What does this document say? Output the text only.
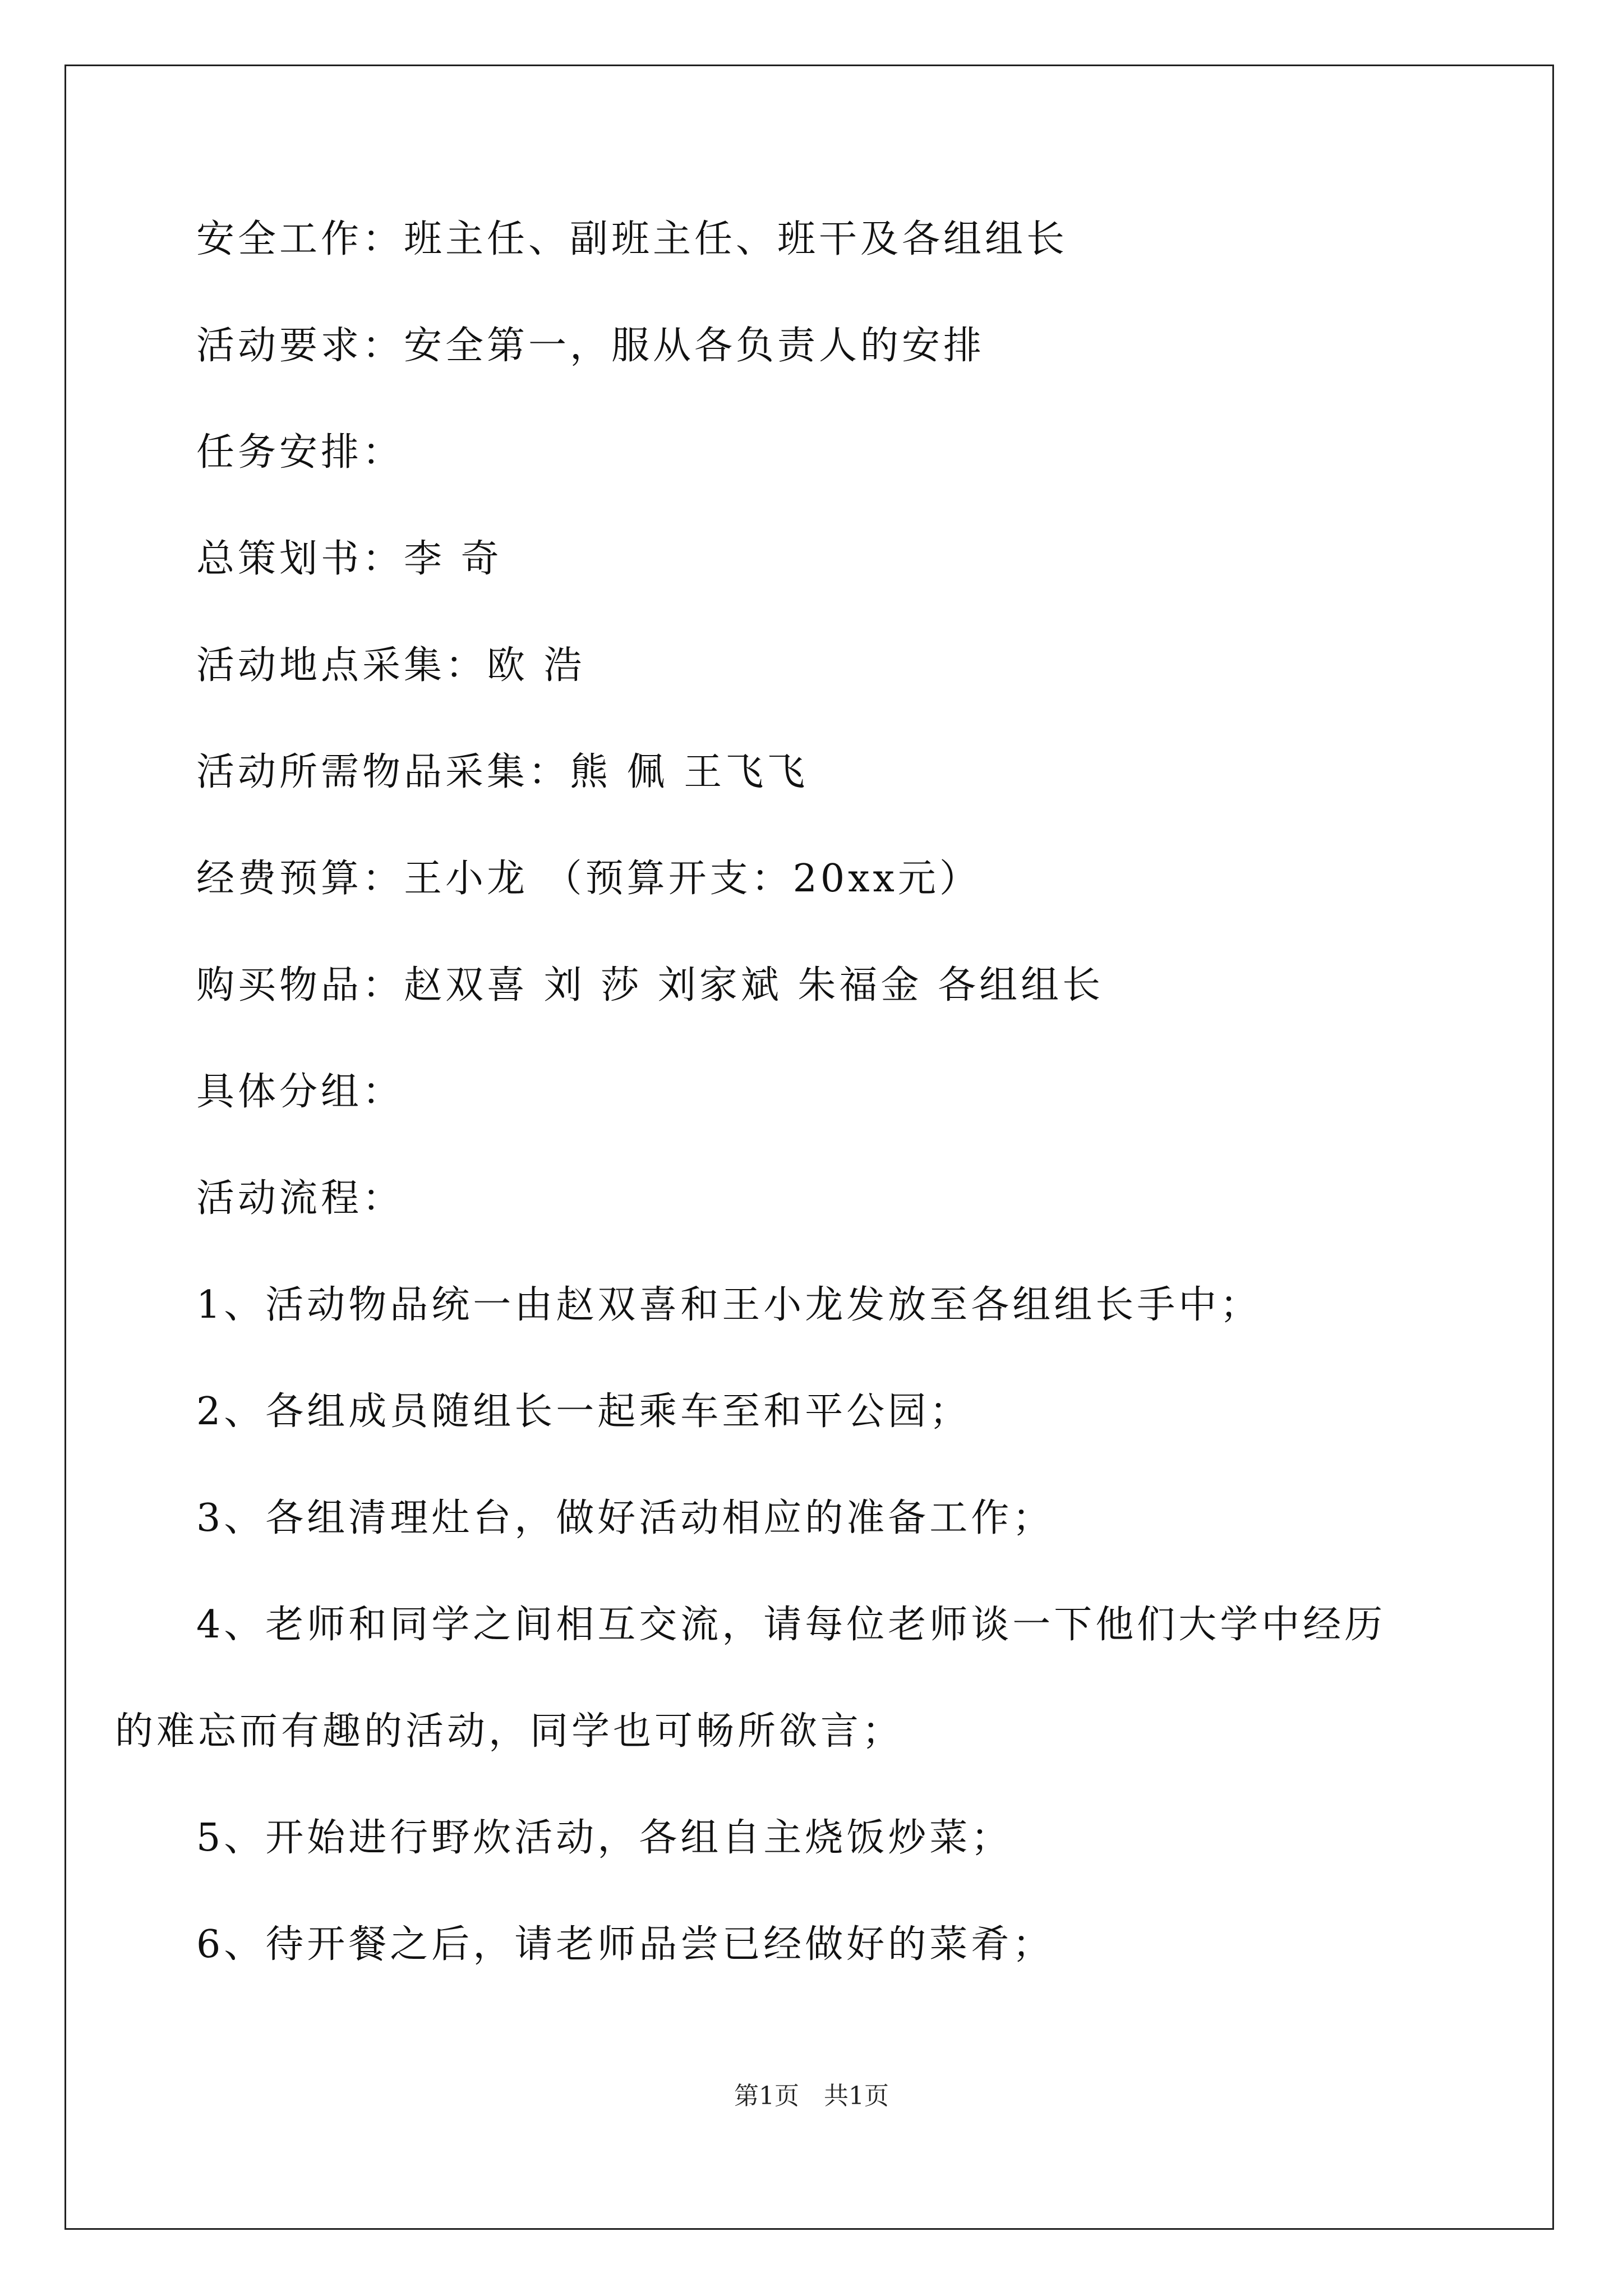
安全工作：班主任、副班主任、班干及各组组长

活动要求：安全第一，服从各负责人的安排

任务安排：

总策划书：李 奇

活动地点采集：欧 浩

活动所需物品采集：熊 佩 王飞飞

经费预算：王小龙 （预算开支：20xx元）

购买物品：赵双喜 刘 莎 刘家斌 朱福金 各组组长

具体分组：

活动流程：

1、活动物品统一由赵双喜和王小龙发放至各组组长手中；

2、各组成员随组长一起乘车至和平公园；

3、各组清理灶台，做好活动相应的准备工作；

4、老师和同学之间相互交流，请每位老师谈一下他们大学中经历

的难忘而有趣的活动，同学也可畅所欲言；

5、开始进行野炊活动，各组自主烧饭炒菜；

6、待开餐之后，请老师品尝已经做好的菜肴；

第1页　共1页
